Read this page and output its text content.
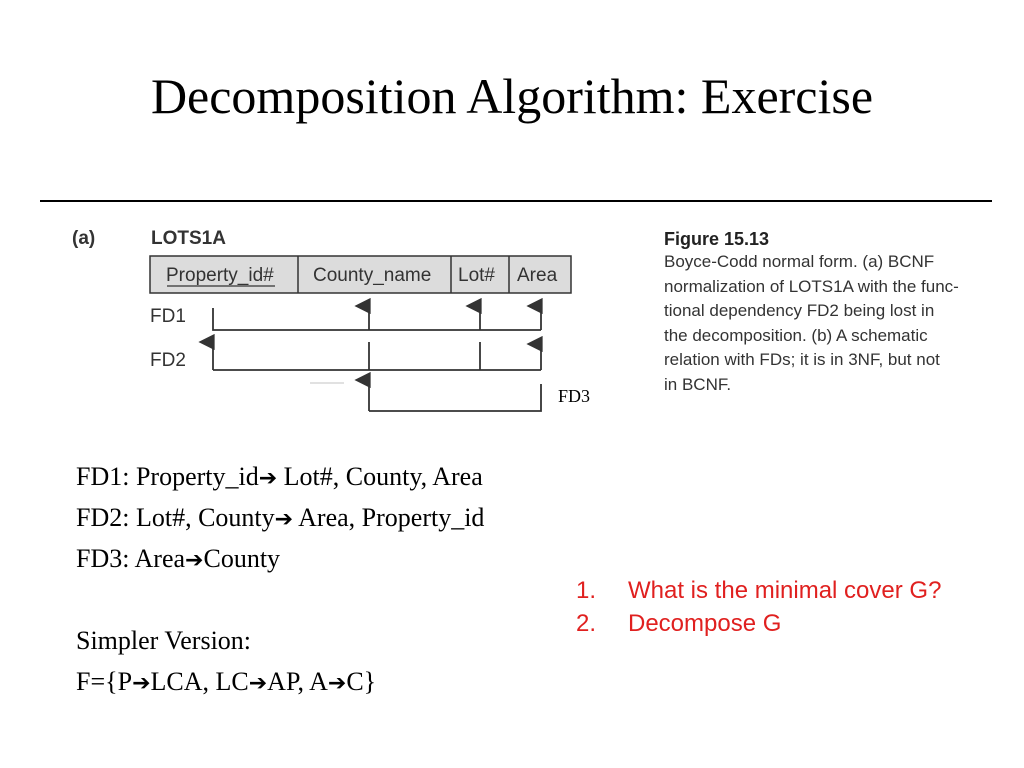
Decomposition Algorithm: Exercise
(a)	LOTS1A
Property_id# County_name Lot# Area
FD1
FD2
FD3
Figure 15.13
Boyce-Codd normal form. (a) BCNF
normalization of LOTS1A with the func-
tional dependency FD2 being lost in
the decomposition. (b) A schematic
relation with FDs; it is in 3NF, but not
in BCNF.
FD1: Property_id➔ Lot#, County, Area
FD2: Lot#, County➔ Area, Property_id
FD3: Area➔County
Simpler Version:
F={P➔LCA, LC➔AP, A➔C}
1. What is the minimal cover G?
2. Decompose G
